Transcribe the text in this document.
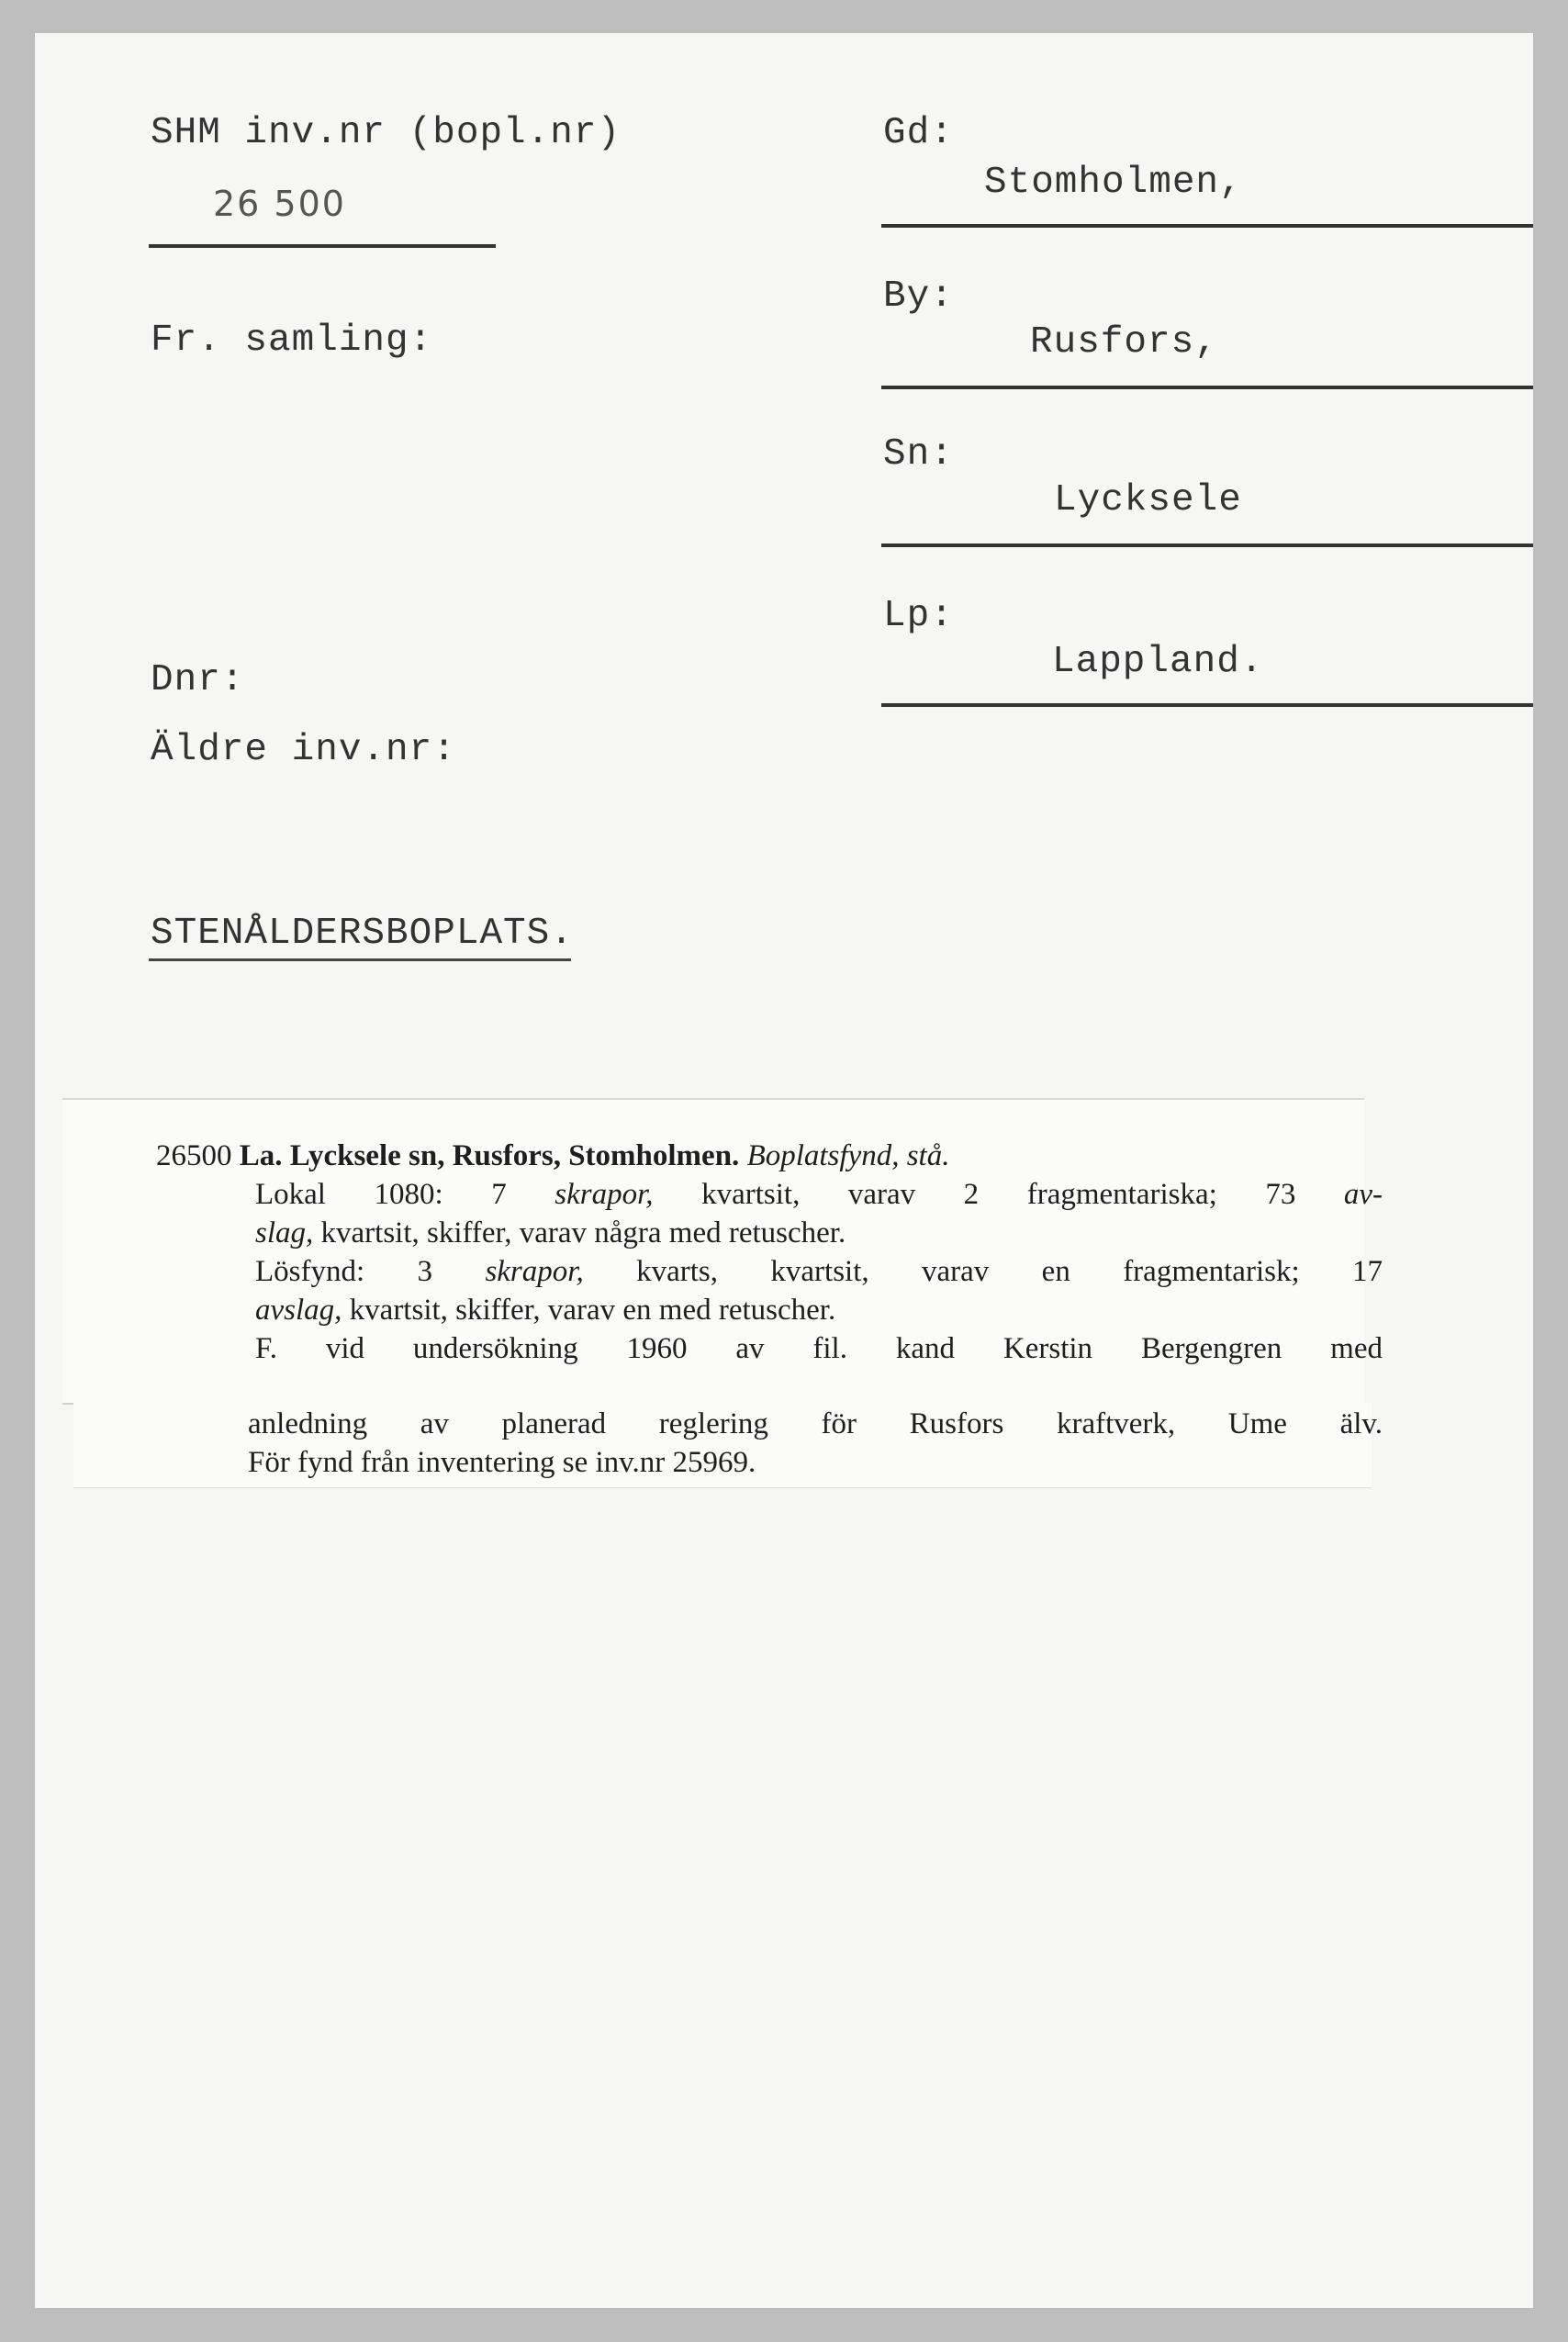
SHM inv.nr (bopl.nr)
26 500
Fr. samling:
Dnr:
Äldre inv.nr:
STENÅLDERSBOPLATS.
Gd:
Stomholmen,
By:
Rusfors,
Sn:
Lycksele
Lp:
Lappland.
26500 La. Lycksele sn, Rusfors, Stomholmen. Boplatsfynd, stå.
Lokal 1080: 7 skrapor, kvartsit, varav 2 fragmentariska; 73 av-
slag, kvartsit, skiffer, varav några med retuscher.
Lösfynd: 3 skrapor, kvarts, kvartsit, varav en fragmentarisk; 17
avslag, kvartsit, skiffer, varav en med retuscher.
F. vid undersökning 1960 av fil. kand Kerstin Bergengren med
anledning av planerad reglering för Rusfors kraftverk, Ume älv.
För fynd från inventering se inv.nr 25969.
